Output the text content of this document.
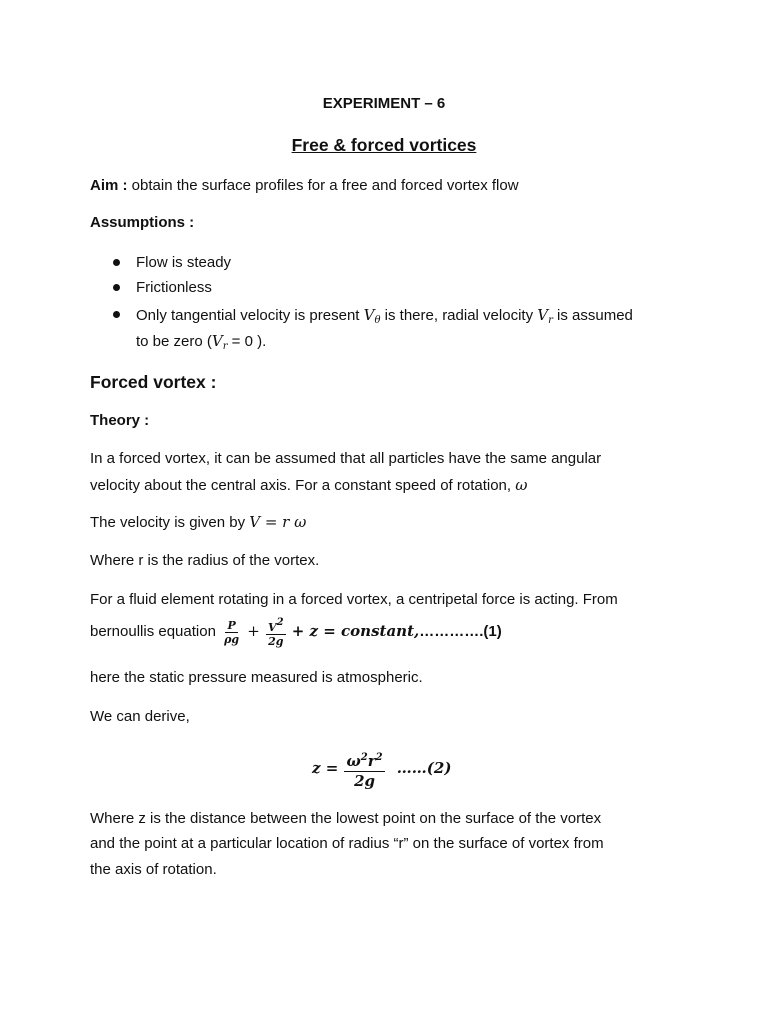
EXPERIMENT – 6
Free & forced vortices
Aim : obtain the surface profiles for a free and forced vortex flow
Assumptions :
Flow is steady
Frictionless
Only tangential velocity is present $V_\theta$ is there, radial velocity $V_r$ is assumed
to be zero ($V_r = 0$ ).
Forced vortex :
Theory :
In a forced vortex, it can be assumed that all particles have the same angular
velocity about the central axis. For a constant speed of rotation, ω
The velocity is given by V = r ω
Where r is the radius of the vortex.
For a fluid element rotating in a forced vortex, a centripetal force is acting. From
bernoullis equation $\frac{P}{\rho g} + \frac{V^2}{2g} + z$ = constant,………….(1)
here the static pressure measured is atmospheric.
We can derive,
$z = \frac{\omega^2r^2}{2g}$ ……(2)
Where z is the distance between the lowest point on the surface of the vortex
and the point at a particular location of radius “r” on the surface of vortex from
the axis of rotation.
